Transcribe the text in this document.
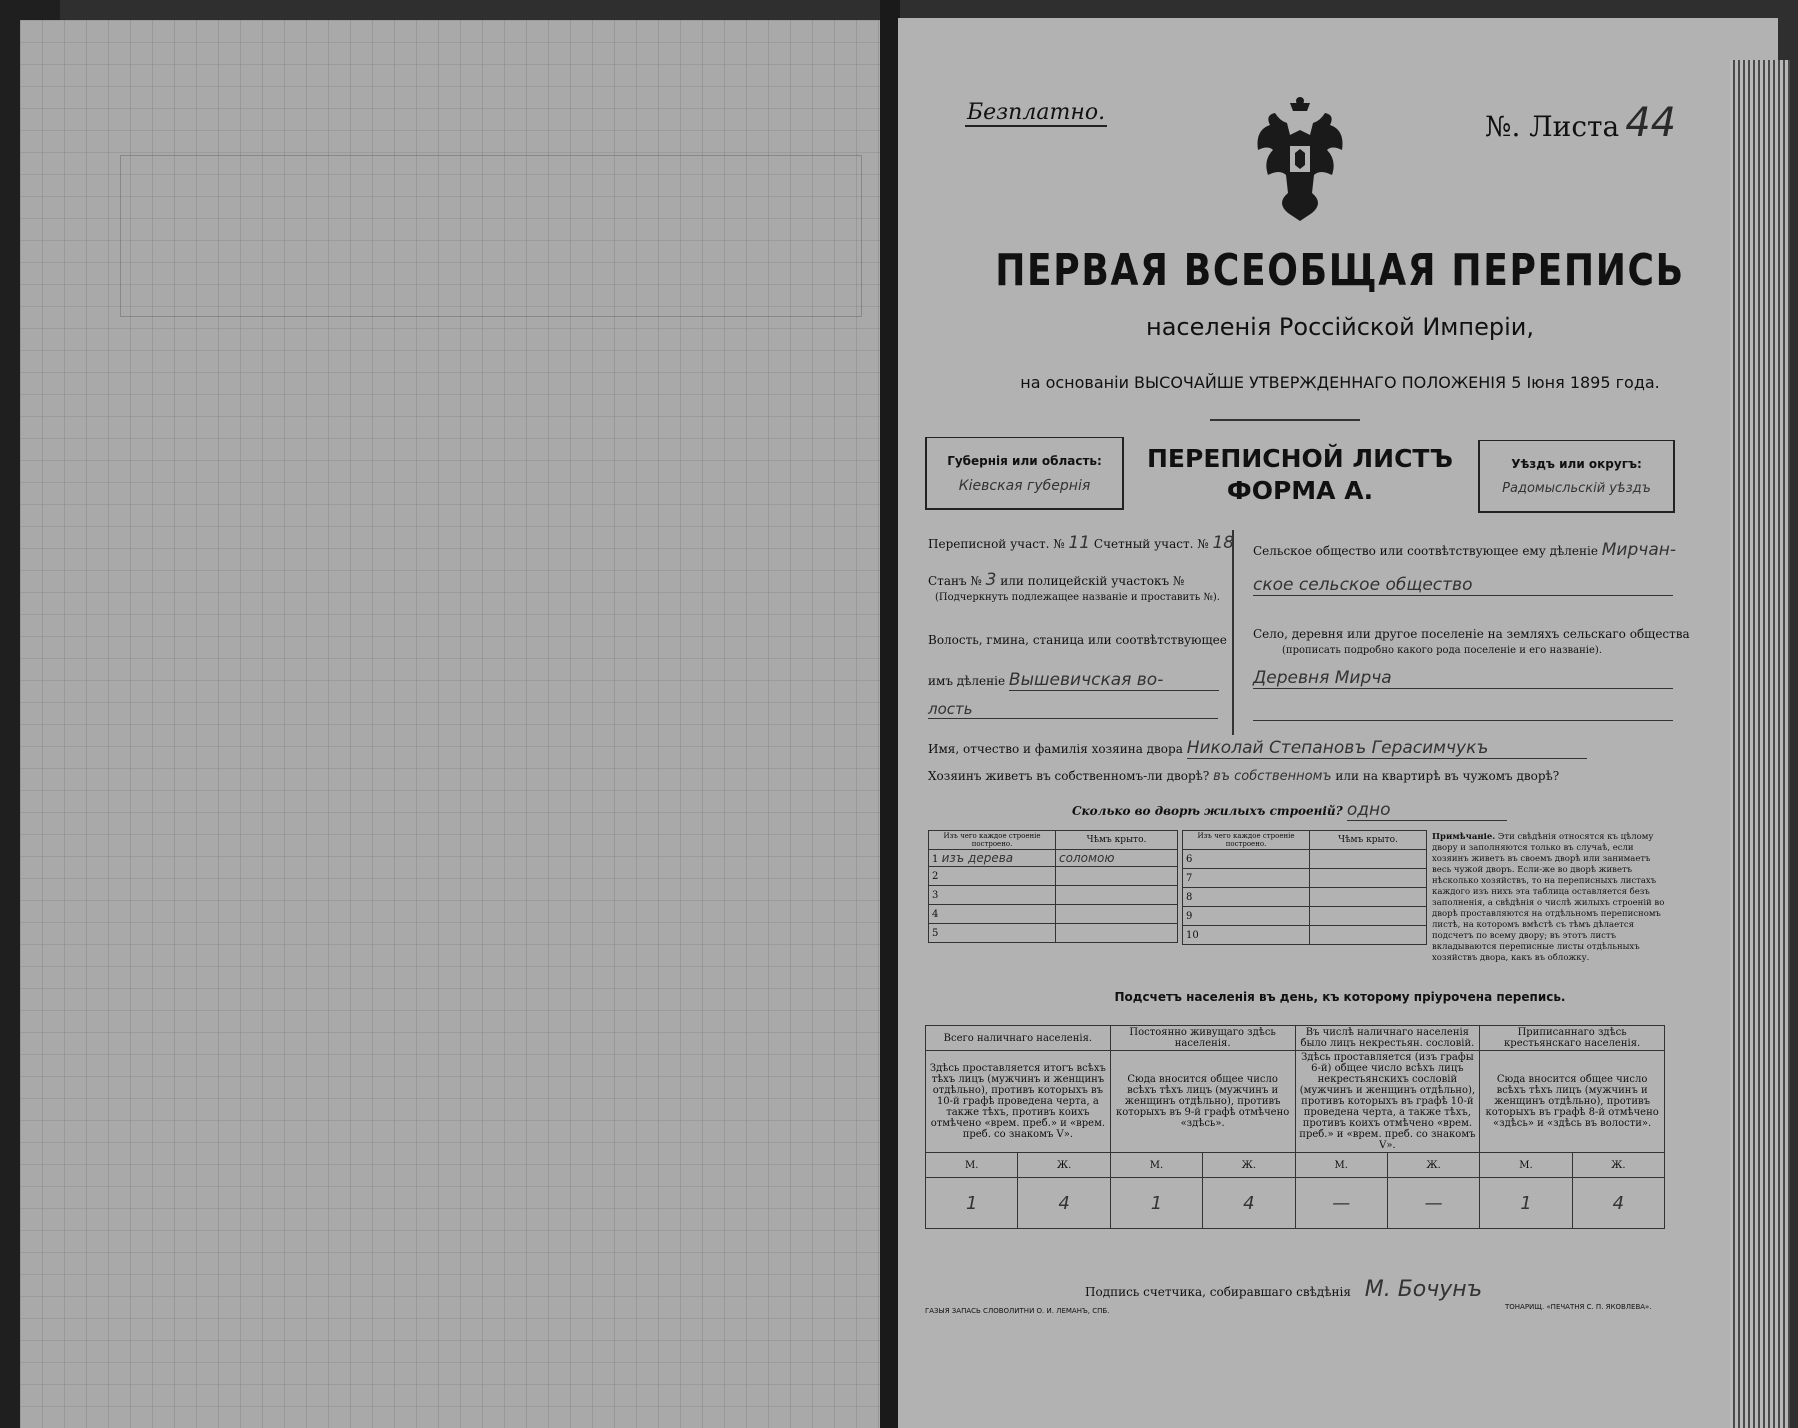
Безплатно.	№. Листа 44
ПЕРВАЯ ВСЕОБЩАЯ ПЕРЕПИСЬ
населенія Россійской Имперіи,
на основаніи ВЫСОЧАЙШЕ УТВЕРЖДЕННАГО ПОЛОЖЕНІЯ 5 Іюня 1895 года.
Губернія или область:
Кіевская губернія
ПЕРЕПИСНОЙ ЛИСТЪ
ФОРМА А.
Уѣздъ или округъ:
Радомысльскій уѣздъ
Переписной участ. № 11 Счетный участ. № 18
Станъ № 3 или полицейскій участокъ №
(Подчеркнуть подлежащее названіе и проставить №).
Волость, гмина, станица или соотвѣтствующее
имъ дѣленіе Вышевичская во-
лость
Сельское общество или соотвѣтствующее ему дѣленіе Мирчан-
ское сельское общество
Село, деревня или другое поселеніе на земляхъ сельскаго общества
(прописать подробно какого рода поселеніе и его названіе).
Деревня Мирча
Имя, отчество и фамилія хозяина двора Николай Степановъ Герасимчукъ
Хозяинъ живетъ въ собственномъ-ли дворѣ? въ собственномъ или на квартирѣ въ чужомъ дворѣ?
Сколько во дворѣ жилыхъ строеній? одно
Изъ чего каждое строеніе построено.	Чѣмъ крыто.
1 изъ дерева	соломою
2	
3	
4	
5	
Изъ чего каждое строеніе построено.	Чѣмъ крыто.
6	
7	
8	
9	
10	
Примѣчаніе. Эти свѣдѣнія относятся къ цѣлому двору и заполняются только въ случаѣ, если хозяинъ живетъ въ своемъ дворѣ или занимаетъ весь чужой дворъ. Если-же во дворѣ живетъ нѣсколько хозяйствъ, то на переписныхъ листахъ каждого изъ нихъ эта таблица оставляется безъ заполненія, а свѣдѣнія о числѣ жилыхъ строеній во дворѣ проставляются на отдѣльномъ переписномъ листѣ, на которомъ вмѣстѣ съ тѣмъ дѣлается подсчетъ по всему двору; въ этотъ листъ вкладываются переписные листы отдѣльныхъ хозяйствъ двора, какъ въ обложку.
Подсчетъ населенія въ день, къ которому пріурочена перепись.
Всего наличнаго населенія.		Постоянно живущаго здѣсь населенія.		Въ числѣ наличнаго населенія было лицъ некрестьян. сословій.		Приписаннаго здѣсь крестьянскаго населенія.	
Здѣсь проставляется итогъ всѣхъ тѣхъ лицъ (мужчинъ и женщинъ отдѣльно), противъ которыхъ въ 10-й графѣ проведена черта, а также тѣхъ, противъ коихъ отмѣчено «врем. преб.» и «врем. преб. со знакомъ V».		Сюда вносится общее число всѣхъ тѣхъ лицъ (мужчинъ и женщинъ отдѣльно), противъ которыхъ въ 9-й графѣ отмѣчено «здѣсь».		Здѣсь проставляется (изъ графы 6-й) общее число всѣхъ лицъ некрестьянскихъ сословій (мужчинъ и женщинъ отдѣльно), противъ которыхъ въ графѣ 10-й проведена черта, а также тѣхъ, противъ коихъ отмѣчено «врем. преб.» и «врем. преб. со знакомъ V».		Сюда вносится общее число всѣхъ тѣхъ лицъ (мужчинъ и женщинъ отдѣльно), противъ которыхъ въ графѣ 8-й отмѣчено «здѣсь» и «здѣсь въ волости».	
М.	Ж.	М.	Ж.	М.	Ж.	М.	Ж.
1	4	1	4	—	—	1	4
Подпись счетчика, собиравшаго свѣдѣнія М. Бочунъ
ГАЗЫЯ ЗАПАСЬ СЛОВОЛИТНИ О. И. ЛЕМАНЪ, СПБ.	ТОНАРИЩ. «ПЕЧАТНЯ С. П. ЯКОВЛЕВА».
